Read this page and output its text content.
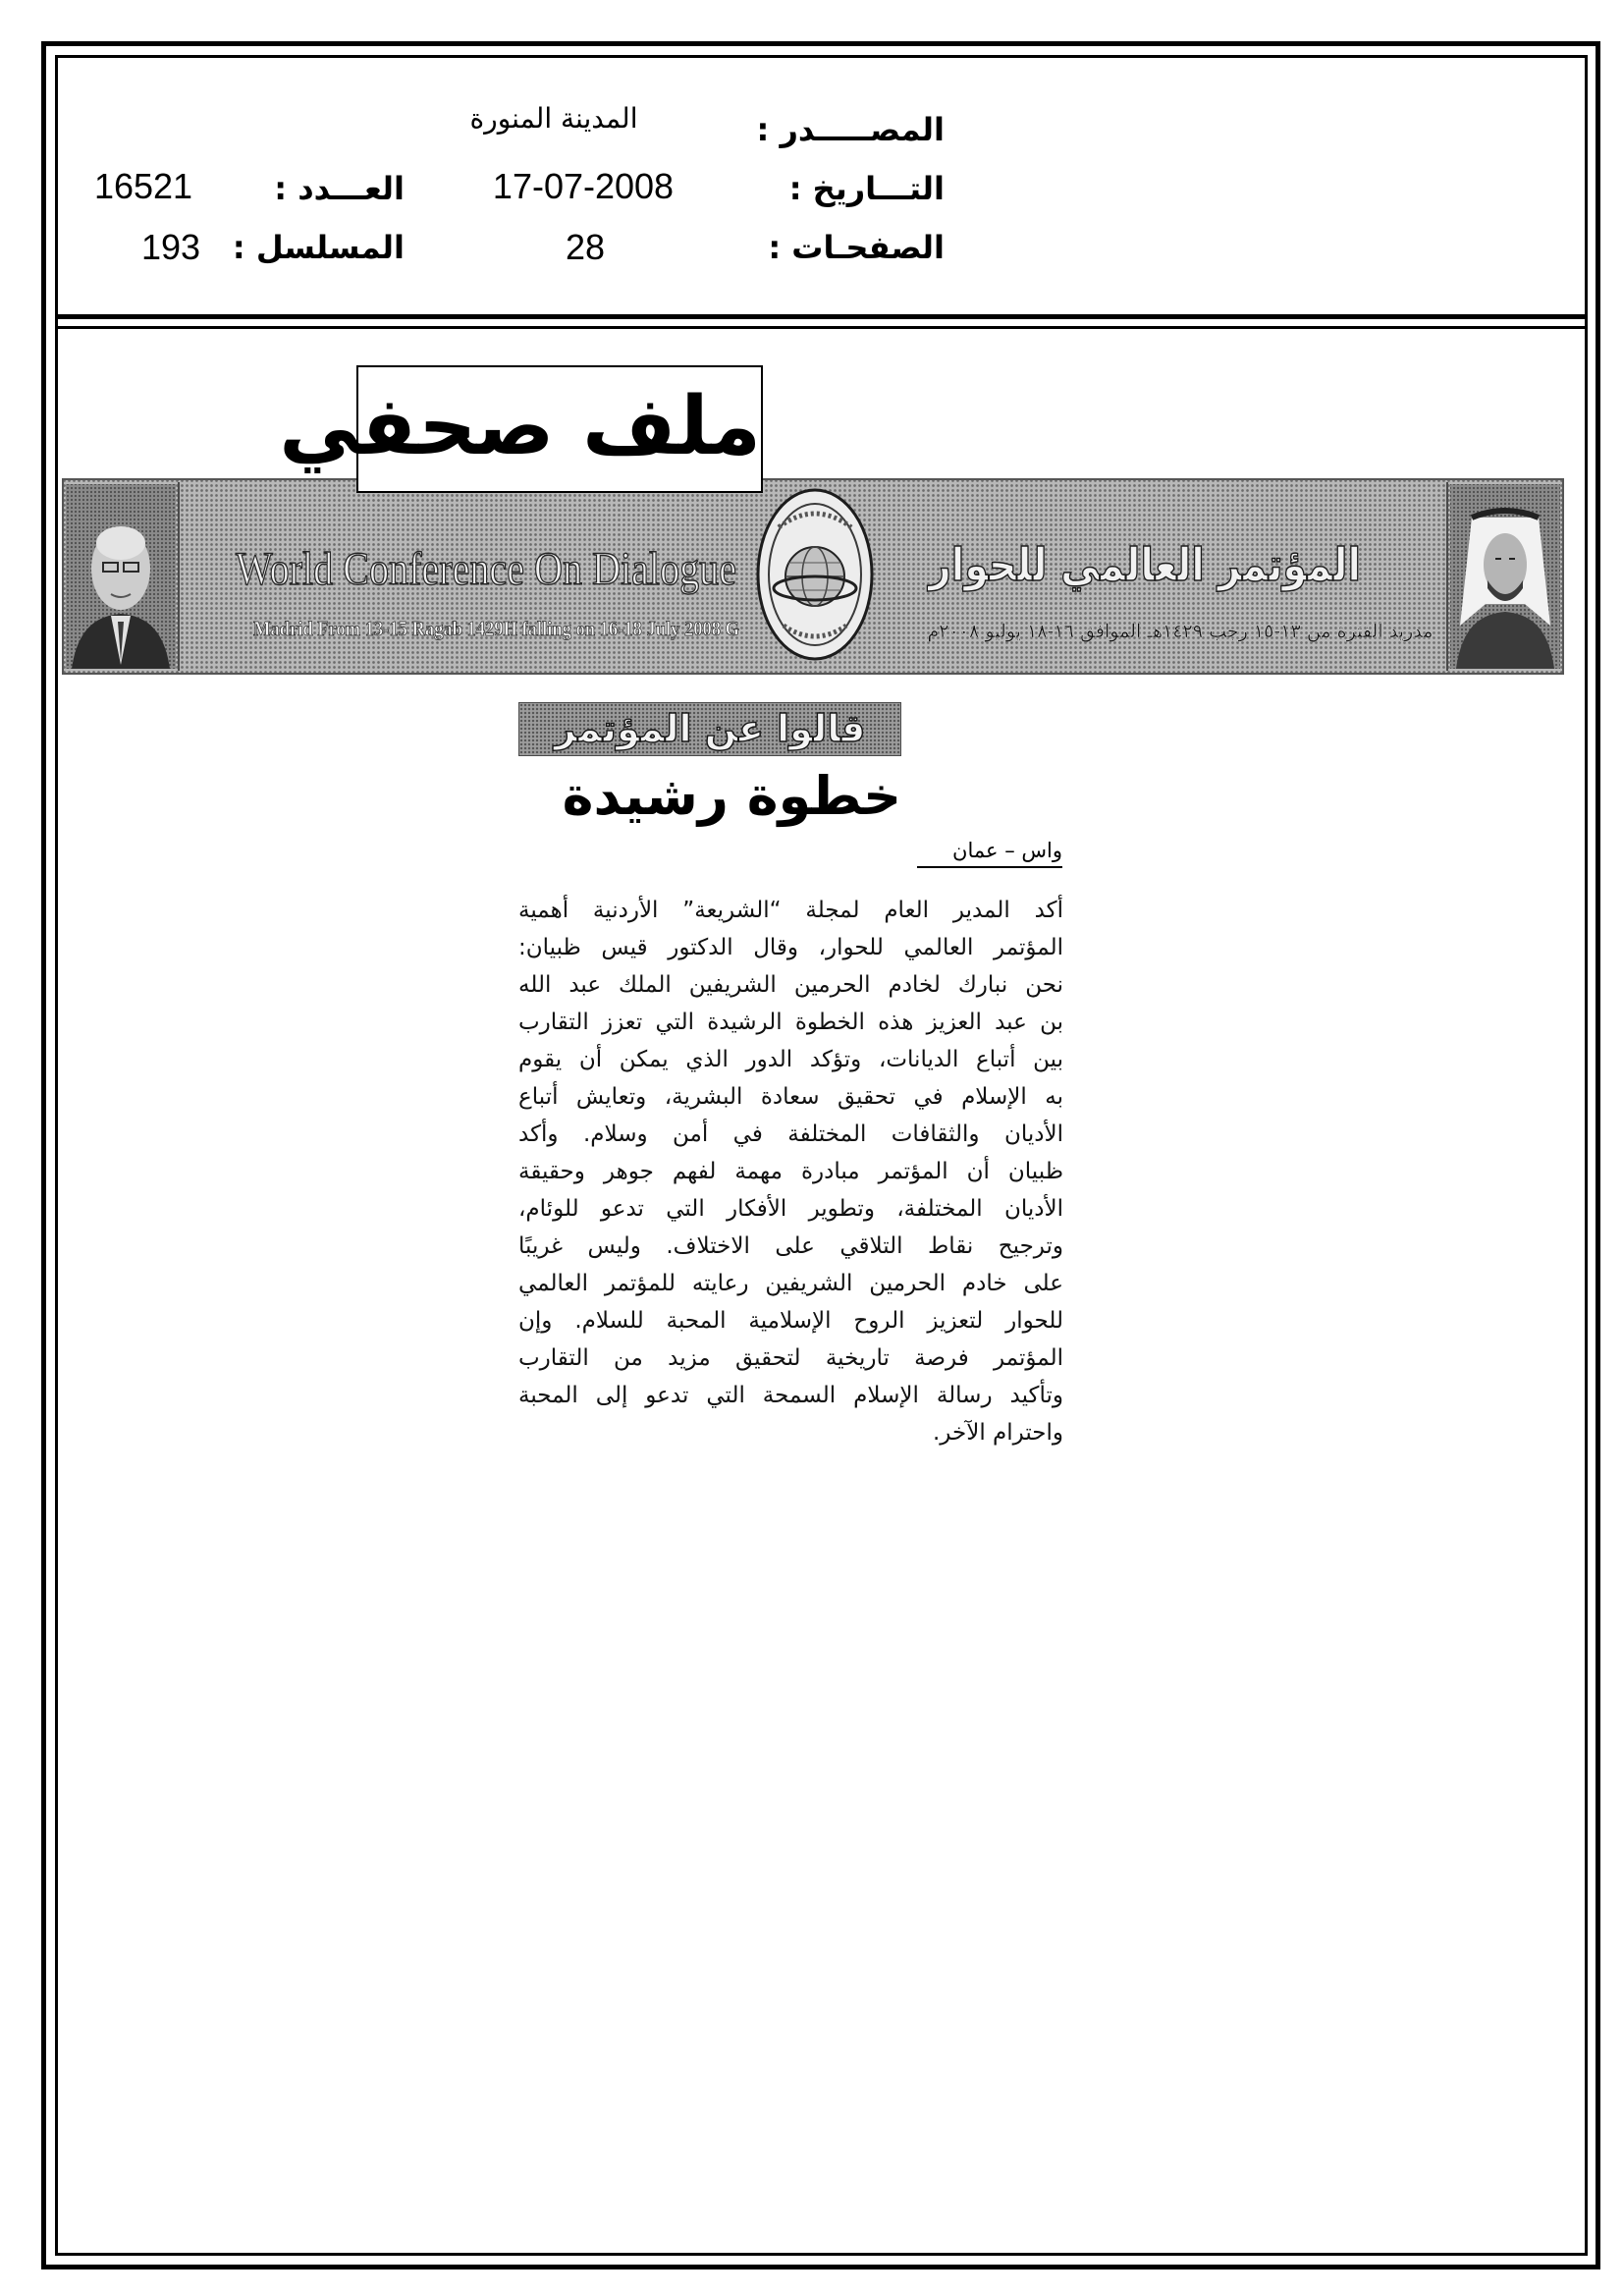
المصـــــدر :
المدينة المنورة
التـــاريخ :
17-07-2008
العـــدد :
16521
الصفحـات :
28
المسلسل :
193
ملف صحفي
World Conference On Dialogue
Madrid From 13-15 Ragab 1429H falling on 16-18 July 2008 G
المؤتمر العالمي للحوار
مدريد الفترة من ١٣-١٥ رجب ١٤٢٩هـ الموافق ١٦-١٨ يوليو ٢٠٠٨م
قالوا عن المؤتمر
خطوة رشيدة
واس – عمان
أكد المدير العام لمجلة “الشريعة” الأردنية أهمية
المؤتمر العالمي للحوار، وقال الدكتور قيس ظبيان:
نحن نبارك لخادم الحرمين الشريفين الملك عبد الله
بن عبد العزيز هذه الخطوة الرشيدة التي تعزز التقارب
بين أتباع الديانات، وتؤكد الدور الذي يمكن أن يقوم
به الإسلام في تحقيق سعادة البشرية، وتعايش أتباع
الأديان والثقافات المختلفة في أمن وسلام. وأكد
ظبيان أن المؤتمر مبادرة مهمة لفهم جوهر وحقيقة
الأديان المختلفة، وتطوير الأفكار التي تدعو للوئام،
وترجيح نقاط التلاقي على الاختلاف. وليس غريبًا
على خادم الحرمين الشريفين رعايته للمؤتمر العالمي
للحوار لتعزيز الروح الإسلامية المحبة للسلام. وإن
المؤتمر فرصة تاريخية لتحقيق مزيد من التقارب
وتأكيد رسالة الإسلام السمحة التي تدعو إلى المحبة
واحترام الآخر.
